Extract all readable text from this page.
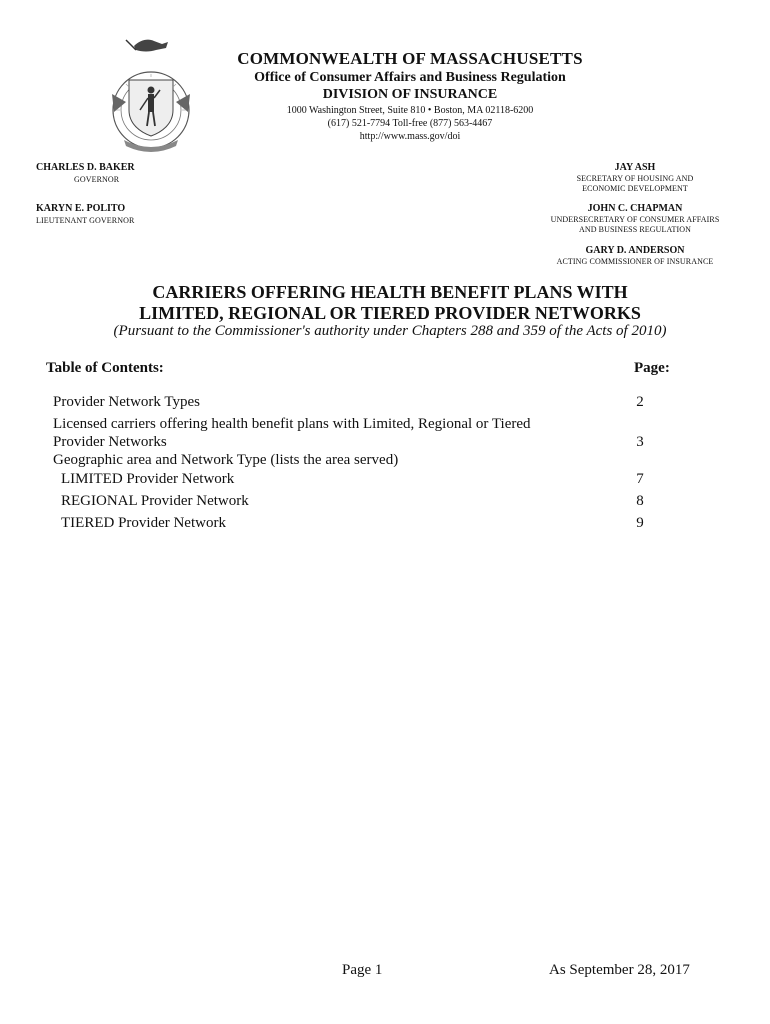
COMMONWEALTH OF MASSACHUSETTS
Office of Consumer Affairs and Business Regulation
DIVISION OF INSURANCE
1000 Washington Street, Suite 810 • Boston, MA 02118-6200
(617) 521-7794 Toll-free (877) 563-4467
http://www.mass.gov/doi
CHARLES D. BAKER
GOVERNOR
KARYN E. POLITO
LIEUTENANT GOVERNOR
JAY ASH
SECRETARY OF HOUSING AND
ECONOMIC DEVELOPMENT
JOHN C. CHAPMAN
UNDERSECRETARY OF CONSUMER AFFAIRS
AND BUSINESS REGULATION
GARY D. ANDERSON
ACTING COMMISSIONER OF INSURANCE
CARRIERS OFFERING HEALTH BENEFIT PLANS WITH
LIMITED, REGIONAL OR TIERED PROVIDER NETWORKS
(Pursuant to the Commissioner's authority under Chapters 288 and 359 of the Acts of 2010)
Table of Contents:	Page:
Provider Network Types	2
Licensed carriers offering health benefit plans with Limited, Regional or Tiered
Provider Networks	3
Geographic area and Network Type (lists the area served)
LIMITED Provider Network	7
REGIONAL Provider Network	8
TIERED Provider Network	9
Page 1	As September 28, 2017
